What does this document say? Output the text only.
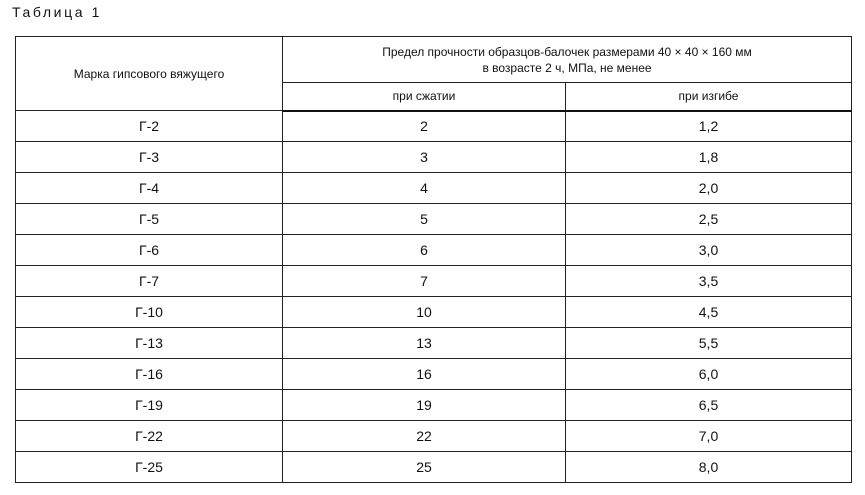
Таблица 1
Марка гипсового вяжущего	Предел прочности образцов-балочек размерами 40 × 40 × 160 мм
в возрасте 2 ч, МПа, не менее	
	при сжатии	при изгибе
Г-2	2	1,2
Г-3	3	1,8
Г-4	4	2,0
Г-5	5	2,5
Г-6	6	3,0
Г-7	7	3,5
Г-10	10	4,5
Г-13	13	5,5
Г-16	16	6,0
Г-19	19	6,5
Г-22	22	7,0
Г-25	25	8,0
